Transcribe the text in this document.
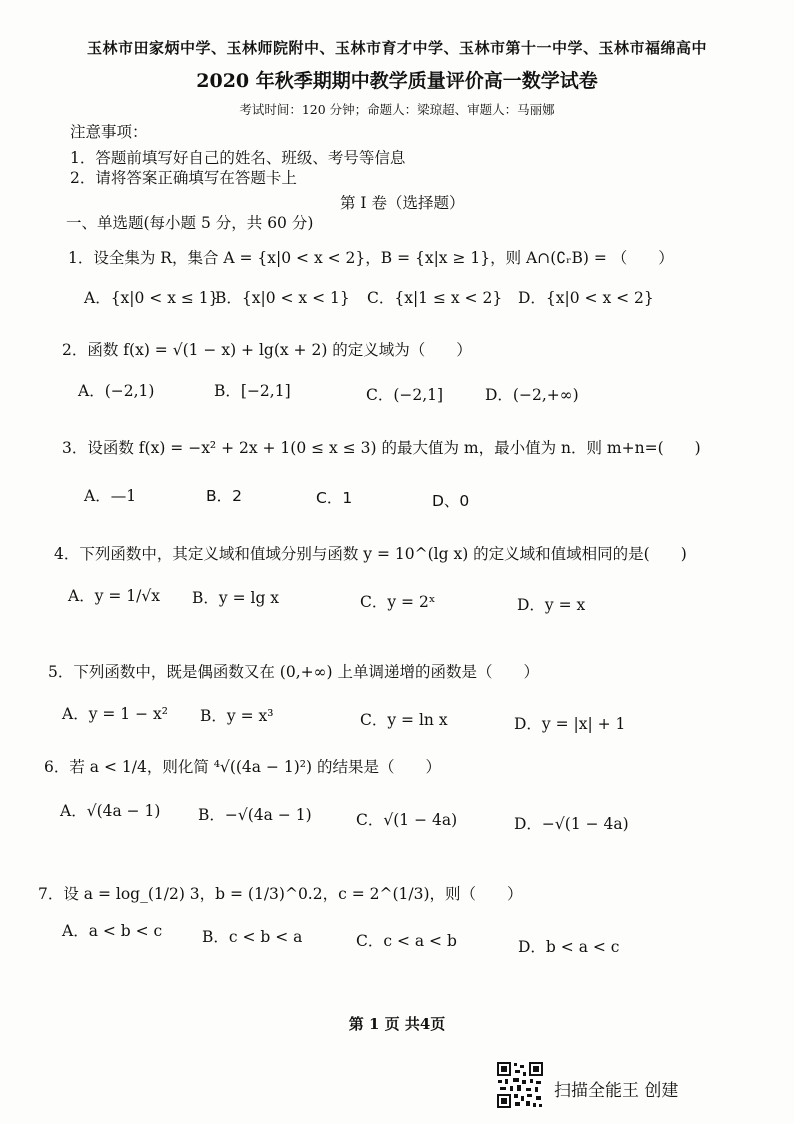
玉林市田家炳中学、玉林师院附中、玉林市育才中学、玉林市第十一中学、玉林市福绵高中
2020 年秋季期期中教学质量评价高一数学试卷
考试时间：120 分钟；命题人：梁琼超、审题人：马丽娜
注意事项：
1．答题前填写好自己的姓名、班级、考号等信息
2．请将答案正确填写在答题卡上
第 I 卷（选择题）
一、单选题(每小题 5 分，共 60 分)
1．设全集为 R，集合 A = {x|0 < x < 2}，B = {x|x ≥ 1}，则 A∩(∁ᵣB) = （　　）
A．{x|0 < x ≤ 1}
B．{x|0 < x < 1} C．{x|1 ≤ x < 2} D．{x|0 < x < 2}
2．函数 f(x) = √(1 − x) + lg(x + 2) 的定义域为（　　）
A．(−2,1)	B．[−2,1]	C．(−2,1]	D．(−2,+∞)
3．设函数 f(x) = −x² + 2x + 1(0 ≤ x ≤ 3) 的最大值为 m，最小值为 n．则 m+n=(　　)
A．—1	B．2	C．1	D、0
4．下列函数中，其定义域和值域分别与函数 y = 10^(lg x) 的定义域和值域相同的是(　　)
A．y = 1/√x B．y = lg x	C．y = 2ˣ	D．y = x
5．下列函数中，既是偶函数又在 (0,+∞) 上单调递增的函数是（　　）
A．y = 1 − x² B．y = x³	C．y = ln x	D．y = |x| + 1
6．若 a < 1/4，则化简 ⁴√((4a − 1)²) 的结果是（　　）
A．√(4a − 1) B．−√(4a − 1)	C．√(1 − 4a)	D．−√(1 − 4a)
7．设 a = log_(1/2) 3，b = (1/3)^0.2，c = 2^(1/3)，则（　　）
A．a < b < c	B．c < b < a	C．c < a < b	D．b < a < c
第 1 页 共4页
扫描全能王 创建
